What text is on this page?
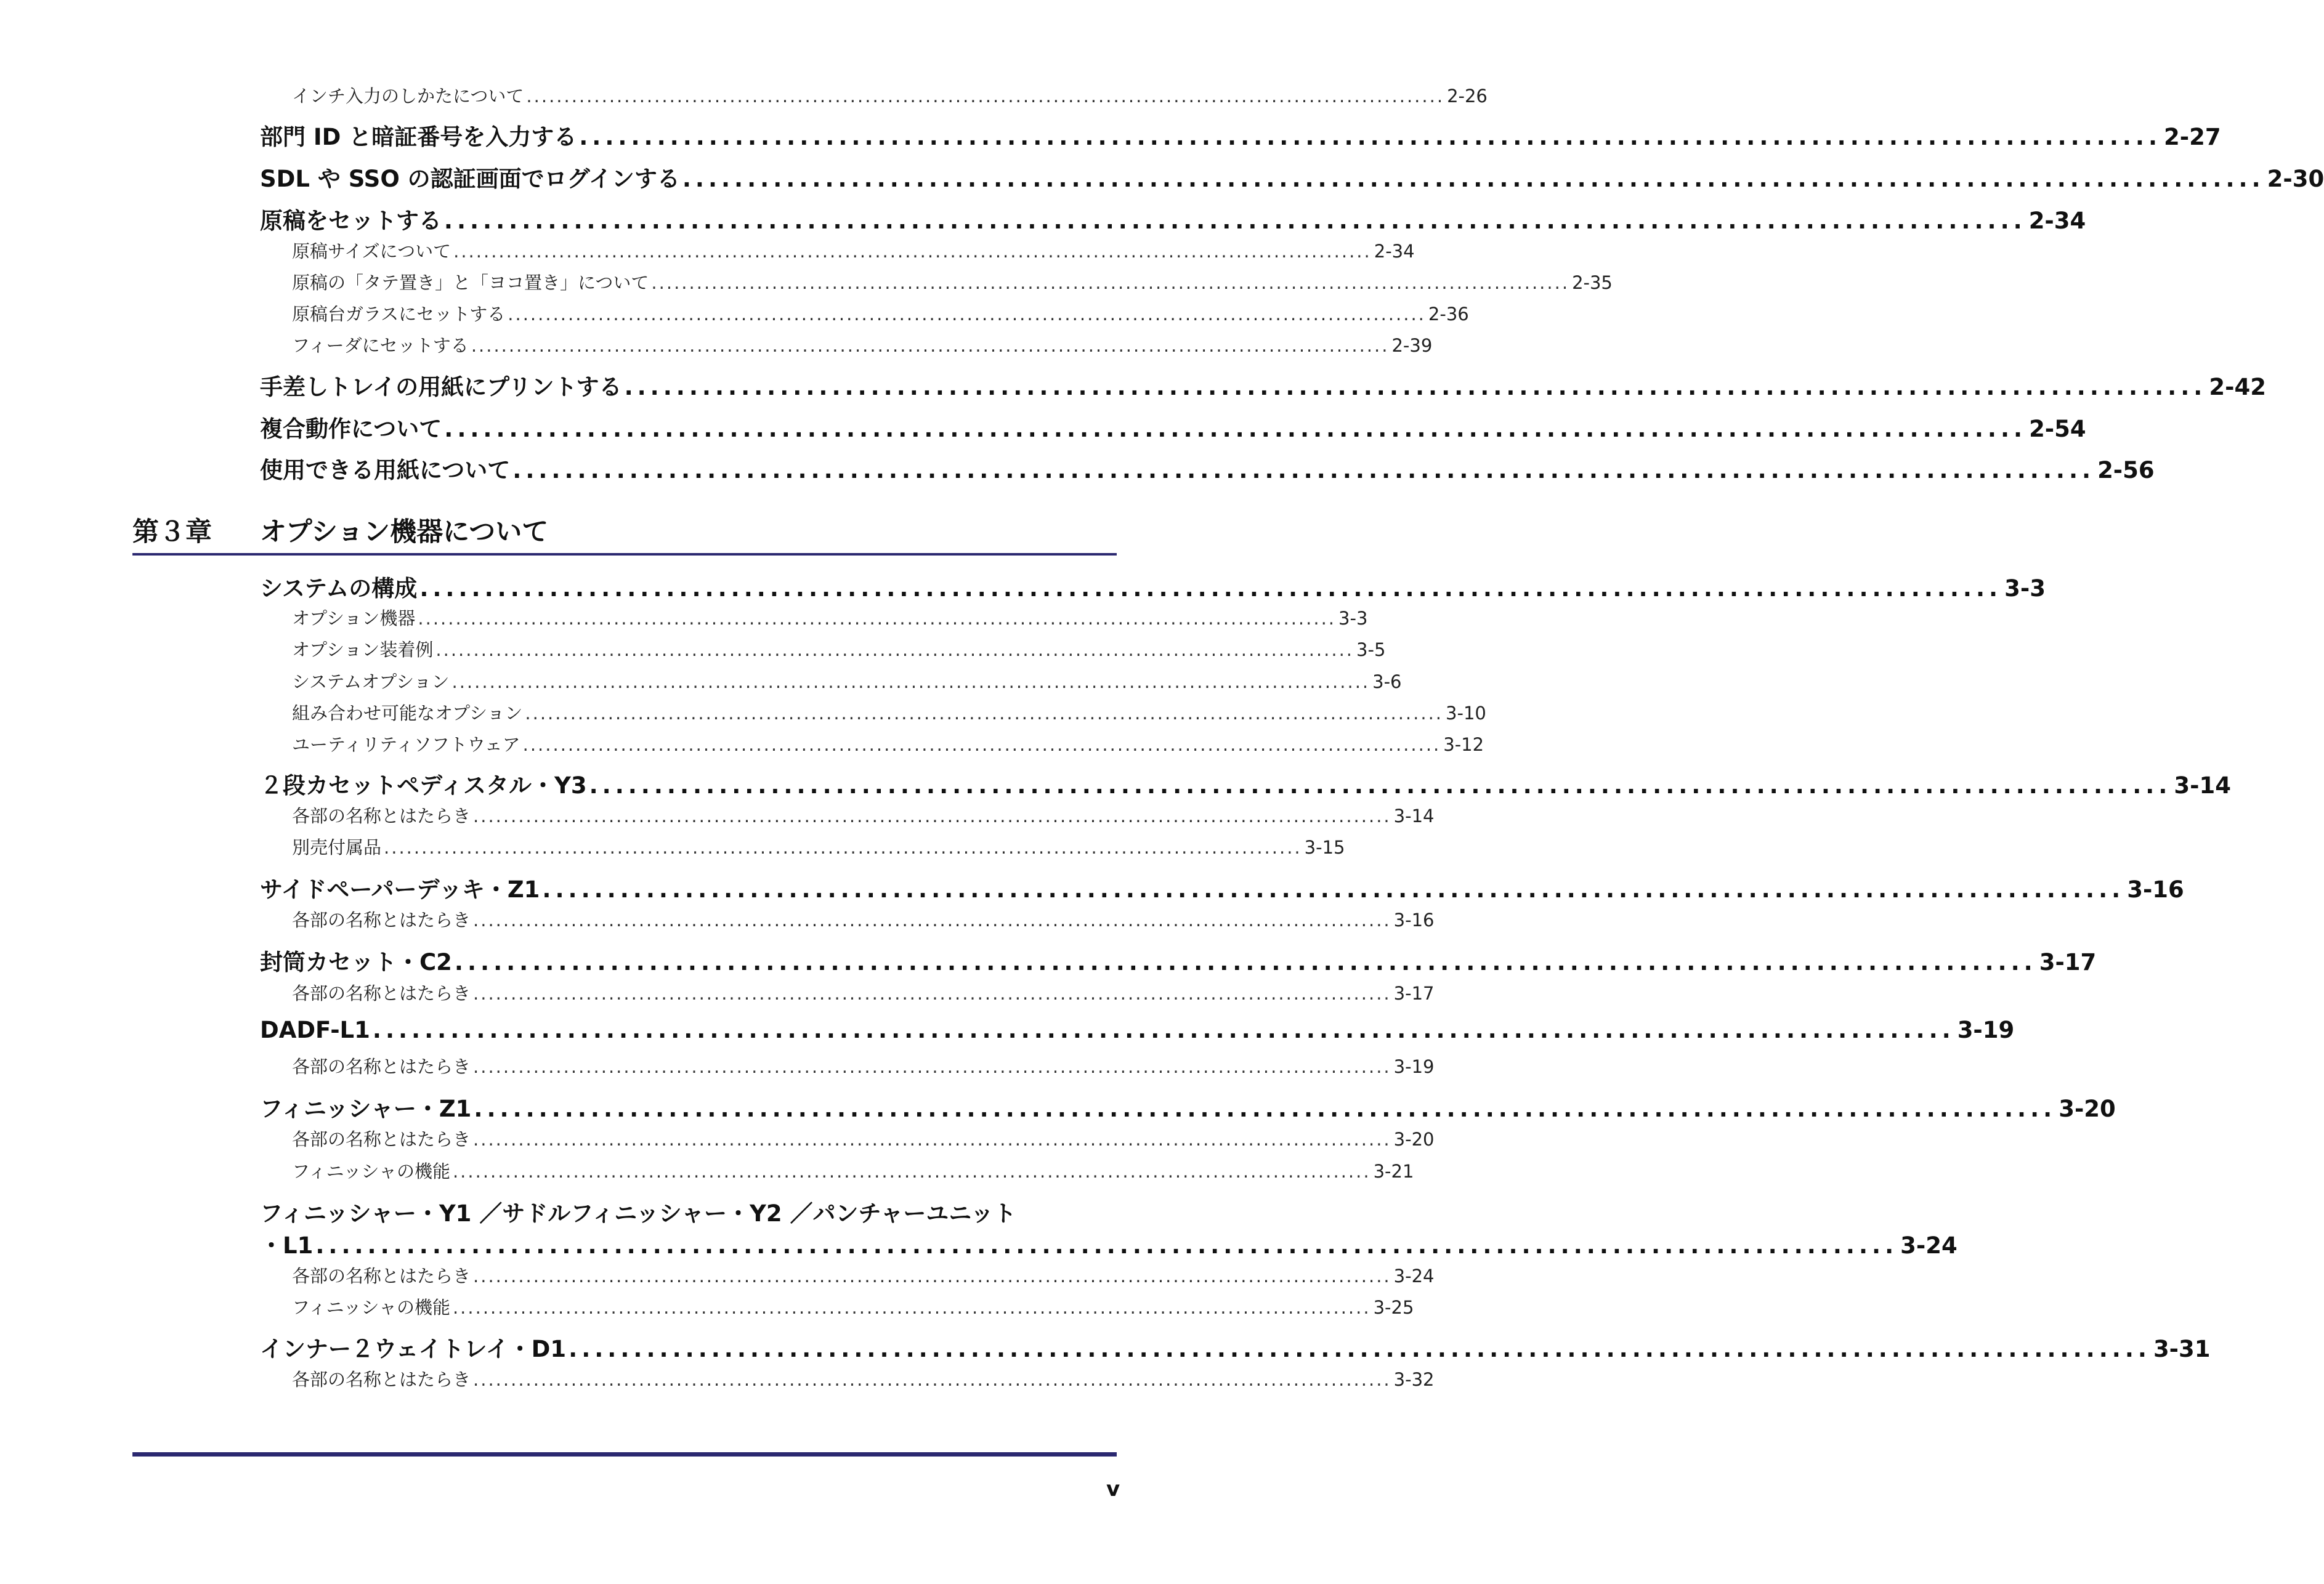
インチ入力のしかたについて .......................................................................................................................... 2-26
部門 ID と暗証番号を入力する .......................................................................................................................... 2-27
SDL や SSO の認証画面でログインする .......................................................................................................................... 2-30
原稿をセットする .......................................................................................................................... 2-34
原稿サイズについて .......................................................................................................................... 2-34
原稿の「タテ置き」と「ヨコ置き」について .......................................................................................................................... 2-35
原稿台ガラスにセットする .......................................................................................................................... 2-36
フィーダにセットする .......................................................................................................................... 2-39
手差しトレイの用紙にプリントする .......................................................................................................................... 2-42
複合動作について .......................................................................................................................... 2-54
使用できる用紙について .......................................................................................................................... 2-56
第３章 オプション機器について
システムの構成 .......................................................................................................................... 3-3
オプション機器 .......................................................................................................................... 3-3
オプション装着例 .......................................................................................................................... 3-5
システムオプション .......................................................................................................................... 3-6
組み合わせ可能なオプション .......................................................................................................................... 3-10
ユーティリティソフトウェア .......................................................................................................................... 3-12
２段カセットペディスタル・Y3 .......................................................................................................................... 3-14
各部の名称とはたらき .......................................................................................................................... 3-14
別売付属品 .......................................................................................................................... 3-15
サイドペーパーデッキ・Z1 .......................................................................................................................... 3-16
各部の名称とはたらき .......................................................................................................................... 3-16
封筒カセット・C2 .......................................................................................................................... 3-17
各部の名称とはたらき .......................................................................................................................... 3-17
DADF-L1 .......................................................................................................................... 3-19
各部の名称とはたらき .......................................................................................................................... 3-19
フィニッシャー・Z1 .......................................................................................................................... 3-20
各部の名称とはたらき .......................................................................................................................... 3-20
フィニッシャの機能 .......................................................................................................................... 3-21
フィニッシャー・Y1 ／サドルフィニッシャー・Y2 ／パンチャーユニット
・L1 .......................................................................................................................... 3-24
各部の名称とはたらき .......................................................................................................................... 3-24
フィニッシャの機能 .......................................................................................................................... 3-25
インナー２ウェイトレイ・D1 .......................................................................................................................... 3-31
各部の名称とはたらき .......................................................................................................................... 3-32
v
